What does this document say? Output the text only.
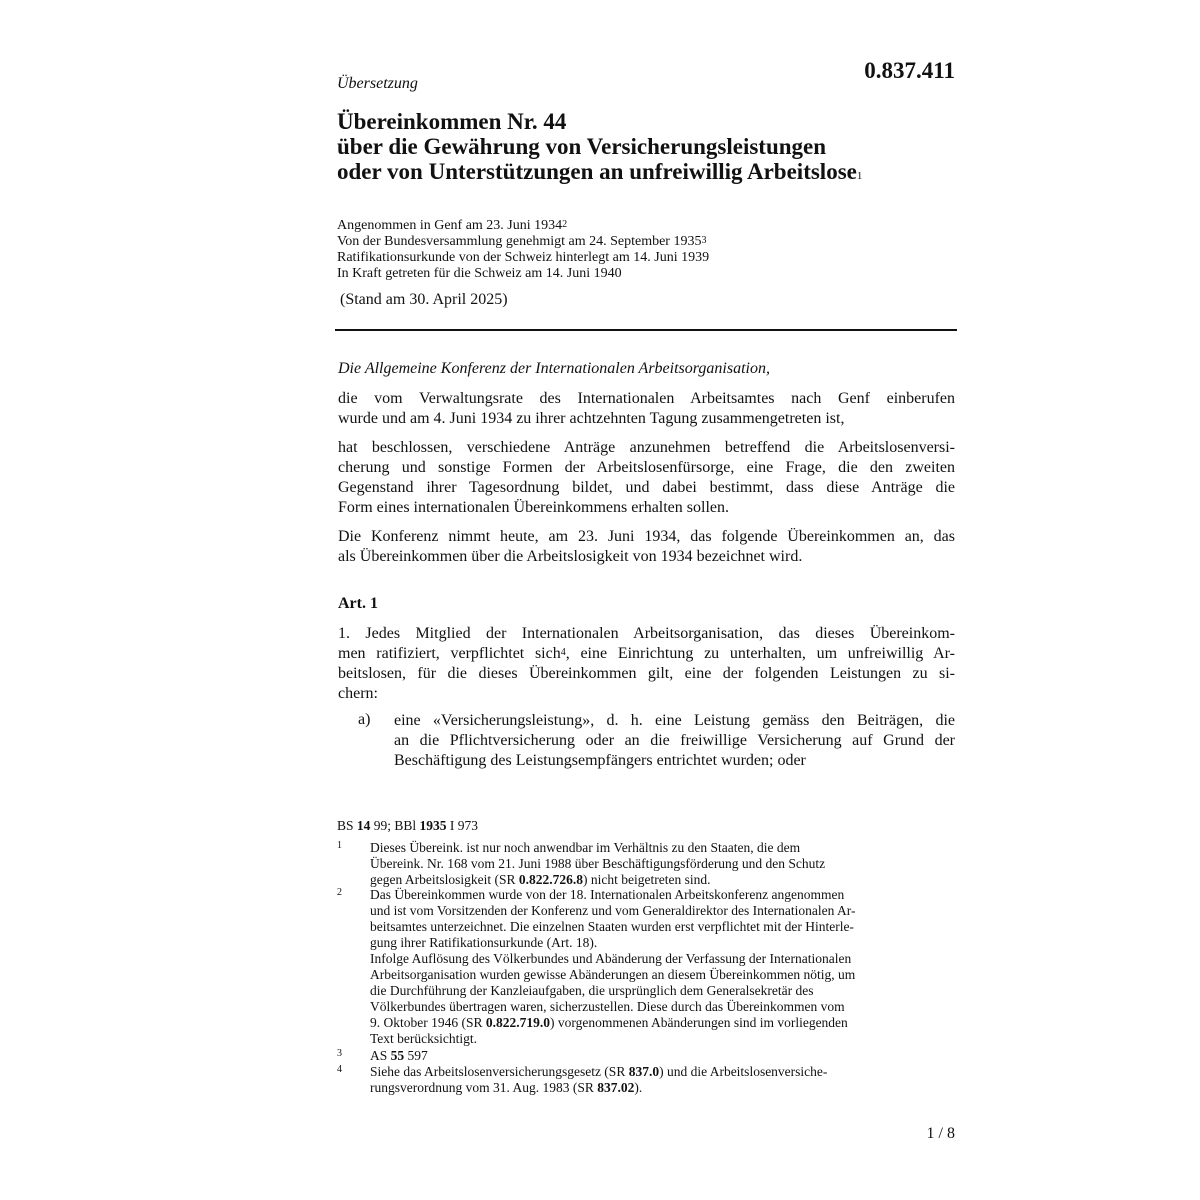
0.837.411
Übersetzung
Übereinkommen Nr. 44
über die Gewährung von Versicherungsleistungen
oder von Unterstützungen an unfreiwillig Arbeitslose$^1$
Angenommen in Genf am 23. Juni 1934$^2$
Von der Bundesversammlung genehmigt am 24. September 1935$^3$
Ratifikationsurkunde von der Schweiz hinterlegt am 14. Juni 1939
In Kraft getreten für die Schweiz am 14. Juni 1940
(Stand am 30. April 2025)
Die Allgemeine Konferenz der Internationalen Arbeitsorganisation,
die vom Verwaltungsrate des Internationalen Arbeitsamtes nach Genf einberufen
wurde und am 4. Juni 1934 zu ihrer achtzehnten Tagung zusammengetreten ist,
hat beschlossen, verschiedene Anträge anzunehmen betreffend die Arbeitslosenversi-
cherung und sonstige Formen der Arbeitslosenfürsorge, eine Frage, die den zweiten
Gegenstand ihrer Tagesordnung bildet, und dabei bestimmt, dass diese Anträge die
Form eines internationalen Übereinkommens erhalten sollen.
Die Konferenz nimmt heute, am 23. Juni 1934, das folgende Übereinkommen an, das
als Übereinkommen über die Arbeitslosigkeit von 1934 bezeichnet wird.
Art. 1
1. Jedes Mitglied der Internationalen Arbeitsorganisation, das dieses Übereinkom-
men ratifiziert, verpflichtet sich$^4$, eine Einrichtung zu unterhalten, um unfreiwillig Ar-
beitslosen, für die dieses Übereinkommen gilt, eine der folgenden Leistungen zu si-
chern:
a) eine «Versicherungsleistung», d. h. eine Leistung gemäss den Beiträgen, die
an die Pflichtversicherung oder an die freiwillige Versicherung auf Grund der
Beschäftigung des Leistungsempfängers entrichtet wurden; oder
BS 14 99; BBl 1935 I 973
1 Dieses Übereink. ist nur noch anwendbar im Verhältnis zu den Staaten, die dem
Übereink. Nr. 168 vom 21. Juni 1988 über Beschäftigungsförderung und den Schutz
gegen Arbeitslosigkeit (SR 0.822.726.8) nicht beigetreten sind.
2 Das Übereinkommen wurde von der 18. Internationalen Arbeitskonferenz angenommen
und ist vom Vorsitzenden der Konferenz und vom Generaldirektor des Internationalen Ar-
beitsamtes unterzeichnet. Die einzelnen Staaten wurden erst verpflichtet mit der Hinterle-
gung ihrer Ratifikationsurkunde (Art. 18).
Infolge Auflösung des Völkerbundes und Abänderung der Verfassung der Internationalen
Arbeitsorganisation wurden gewisse Abänderungen an diesem Übereinkommen nötig, um
die Durchführung der Kanzleiaufgaben, die ursprünglich dem Generalsekretär des
Völkerbundes übertragen waren, sicherzustellen. Diese durch das Übereinkommen vom
9. Oktober 1946 (SR 0.822.719.0) vorgenommenen Abänderungen sind im vorliegenden
Text berücksichtigt.
3 AS 55 597
4 Siehe das Arbeitslosenversicherungsgesetz (SR 837.0) und die Arbeitslosenversiche-
rungsverordnung vom 31. Aug. 1983 (SR 837.02).
1 / 8
